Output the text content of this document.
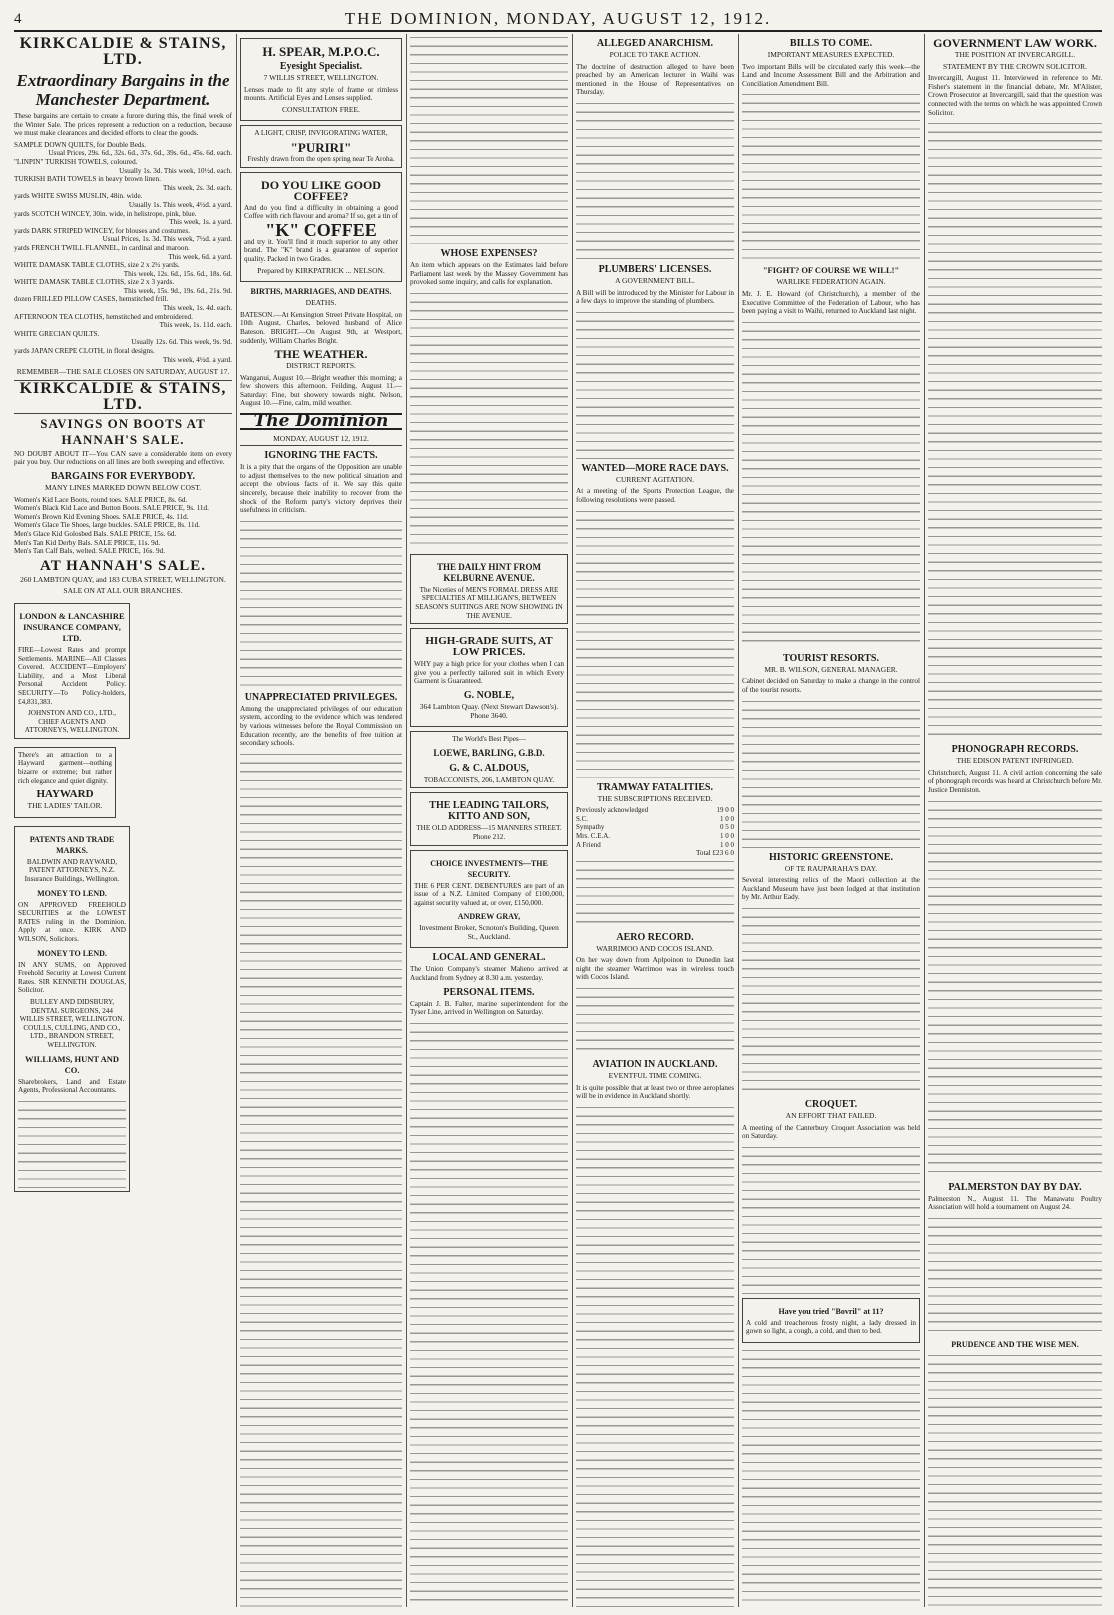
4	THE DOMINION, MONDAY, AUGUST 12, 1912.
KIRKCALDIE & STAINS, LTD.
Extraordinary Bargains in the Manchester Department.

These bargains are certain to create a furore during this, the final week of the Winter Sale. The prices represent a reduction on a reduction, because we must make clearances and decided efforts to clear the goods.

SAMPLE DOWN QUILTS, for Double Beds.
Usual Prices, 29s. 6d., 32s. 6d., 37s. 6d., 39s. 6d., 45s. 6d. each.
"LINPIN" TURKISH TOWELS, coloured.
Usually 1s. 3d. This week, 10½d. each.
TURKISH BATH TOWELS in heavy brown linen.
This week, 2s. 3d. each.
yards WHITE SWISS MUSLIN, 48in. wide.
Usually 1s. This week, 4½d. a yard.
yards SCOTCH WINCEY, 30in. wide, in helistrope, pink, blue.
This week, 1s. a yard.
yards DARK STRIPED WINCEY, for blouses and costumes.
Usual Prices, 1s. 3d. This week, 7½d. a yard.
yards FRENCH TWILL FLANNEL, in cardinal and maroon.
This week, 6d. a yard.
WHITE DAMASK TABLE CLOTHS, size 2 x 2½ yards.
This week, 12s. 6d., 15s. 6d., 18s. 6d.
WHITE DAMASK TABLE CLOTHS, size 2 x 3 yards.
This week, 15s. 9d., 19s. 6d., 21s. 9d.
dozen FRILLED PILLOW CASES, hemstitched frill.
This week, 1s. 4d. each.
AFTERNOON TEA CLOTHS, hemstitched and embroidered.
This week, 1s. 11d. each.
WHITE GRECIAN QUILTS.
Usually 12s. 6d. This week, 9s. 9d.
yards JAPAN CREPE CLOTH, in floral designs.
This week, 4½d. a yard.
REMEMBER—THE SALE CLOSES ON SATURDAY, AUGUST 17.
KIRKCALDIE & STAINS, LTD.
SAVINGS ON BOOTS AT HANNAH'S SALE.

NO DOUBT ABOUT IT—You CAN save a considerable item on every pair you buy. Our reductions on all lines are both sweeping and effective.

BARGAINS FOR EVERYBODY.
MANY LINES MARKED DOWN BELOW COST.
Women's Kid Lace Boots, round toes. SALE PRICE, 8s. 6d.
Women's Black Kid Lace and Button Boots. SALE PRICE, 9s. 11d.
Women's Brown Kid Evening Shoes. SALE PRICE, 4s. 11d.
Women's Glace Tie Shoes, large buckles. SALE PRICE, 8s. 11d.
Men's Glace Kid Golosbed Bals. SALE PRICE, 15s. 6d.
Men's Tan Kid Derby Bals. SALE PRICE, 11s. 9d.
Men's Tan Calf Bals, welted. SALE PRICE, 16s. 9d.
AT HANNAH'S SALE.
260 LAMBTON QUAY, and 183 CUBA STREET, WELLINGTON.
SALE ON AT ALL OUR BRANCHES.
LONDON & LANCASHIRE INSURANCE COMPANY, LTD.

FIRE—Lowest Rates and prompt Settlements. MARINE—All Classes Covered. ACCIDENT—Employers' Liability, and a Most Liberal Personal Accident Policy. SECURITY—To Policy-holders, £4,831,383.

JOHNSTON AND CO., LTD., CHIEF AGENTS AND ATTORNEYS, WELLINGTON.

There's an attraction to a Hayward garment—nothing bizarre or extreme; but rather rich elegance and quiet dignity.

HAYWARD
THE LADIES' TAILOR.
PATENTS AND TRADE MARKS.
BALDWIN AND RAYWARD, PATENT ATTORNEYS, N.Z. Insurance Buildings, Wellington.
MONEY TO LEND.

ON APPROVED FREEHOLD SECURITIES at the LOWEST RATES ruling in the Dominion. Apply at once. KIRK AND WILSON, Solicitors.

MONEY TO LEND.

IN ANY SUMS, on Approved Freehold Security at Lowest Current Rates. SIR KENNETH DOUGLAS, Solicitor.

BULLEY AND DIDSBURY, DENTAL SURGEONS, 244 WILLIS STREET, WELLINGTON.
COULLS, CULLING, AND CO., LTD., BRANDON STREET, WELLINGTON.
WILLIAMS, HUNT AND CO.

Sharebrokers, Land and Estate Agents, Professional Accountants.

H. SPEAR, M.P.O.C.
Eyesight Specialist.
7 WILLIS STREET, WELLINGTON.

Lenses made to fit any style of frame or rimless mounts. Artificial Eyes and Lenses supplied.

CONSULTATION FREE.
A LIGHT, CRISP, INVIGORATING WATER,
"PURIRI"
Freshly drawn from the open spring near Te Aroha.
DO YOU LIKE GOOD COFFEE?

And do you find a difficulty in obtaining a good Coffee with rich flavour and aroma? If so, get a tin of

"K" COFFEE

and try it. You'll find it much superior to any other brand. The "K" brand is a guarantee of superior quality. Packed in two Grades.

Prepared by KIRKPATRICK ... NELSON.
BIRTHS, MARRIAGES, AND DEATHS.
DEATHS.

BATESON.—At Kensington Street Private Hospital, on 10th August, Charles, beloved husband of Alice Bateson. BRIGHT.—On August 9th, at Westport, suddenly, William Charles Bright.

THE WEATHER.
DISTRICT REPORTS.

Wanganui, August 10.—Bright weather this morning; a few showers this afternoon. Feilding, August 11.—Saturday: Fine, but showery towards night. Nelson, August 10.—Fine, calm, mild weather.

The Dominion
MONDAY, AUGUST 12, 1912.
IGNORING THE FACTS.

It is a pity that the organs of the Opposition are unable to adjust themselves to the new political situation and accept the obvious facts of it. We say this quite sincerely, because their inability to recover from the shock of the Reform party's victory deprives their usefulness in criticism.

UNAPPRECIATED PRIVILEGES.

Among the unappreciated privileges of our education system, according to the evidence which was tendered by various witnesses before the Royal Commission on Education recently, are the benefits of free tuition at secondary schools.

WHOSE EXPENSES?

An item which appears on the Estimates laid before Parliament last week by the Massey Government has provoked some inquiry, and calls for explanation.

THE DAILY HINT FROM KELBURNE AVENUE.
The Niceties of MEN'S FORMAL DRESS ARE SPECIALTIES AT MILLIGAN'S, BETWEEN SEASON'S SUITINGS ARE NOW SHOWING IN THE AVENUE.
HIGH-GRADE SUITS, AT LOW PRICES.

WHY pay a high price for your clothes when I can give you a perfectly tailored suit in which Every Garment is Guaranteed.

G. NOBLE,
364 Lambton Quay. (Next Stewart Dawson's). Phone 3640.
The World's Best Pipes—
LOEWE, BARLING, G.B.D.
G. & C. ALDOUS,
TOBACCONISTS, 206, LAMBTON QUAY.
THE LEADING TAILORS, KITTO AND SON,
THE OLD ADDRESS—15 MANNERS STREET.
Phone 212.
CHOICE INVESTMENTS—THE SECURITY.

THE 6 PER CENT. DEBENTURES are part of an issue of a N.Z. Limited Company of £100,000, against security valued at, or over, £150,000.

ANDREW GRAY,
Investment Broker, Scnoton's Building, Queen St., Auckland.
LOCAL AND GENERAL.

The Union Company's steamer Maheno arrived at Auckland from Sydney at 8.30 a.m. yesterday.

PERSONAL ITEMS.

Captain J. B. Falter, marine superintendent for the Tyser Line, arrived in Wellington on Saturday.

ALLEGED ANARCHISM.
POLICE TO TAKE ACTION.

The doctrine of destruction alleged to have been preached by an American lecturer in Waihi was mentioned in the House of Representatives on Thursday.

PLUMBERS' LICENSES.
A GOVERNMENT BILL.

A Bill will be introduced by the Minister for Labour in a few days to improve the standing of plumbers.

WANTED—MORE RACE DAYS.
CURRENT AGITATION.

At a meeting of the Sports Protection League, the following resolutions were passed.

TRAMWAY FATALITIES.
THE SUBSCRIPTIONS RECEIVED.
Previously acknowledged	19 0 0
S.C.	1 0 0
Sympathy	0 5 0
Mrs. C.E.A.	1 0 0
A Friend	1 0 0
Total £23 6 0
AERO RECORD.
WARRIMOO AND COCOS ISLAND.

On her way down from Aplpoinon to Dunedin last night the steamer Warrimoo was in wireless touch with Cocos Island.

AVIATION IN AUCKLAND.
EVENTFUL TIME COMING.

It is quite possible that at least two or three aeroplanes will be in evidence in Auckland shortly.

BILLS TO COME.
IMPORTANT MEASURES EXPECTED.

Two important Bills will be circulated early this week—the Land and Income Assessment Bill and the Arbitration and Conciliation Amendment Bill.

"FIGHT? OF COURSE WE WILL!"
WARLIKE FEDERATION AGAIN.

Mr. J. E. Howard (of Christchurch), a member of the Executive Committee of the Federation of Labour, who has been paying a visit to Waihi, returned to Auckland last night.

TOURIST RESORTS.
MR. B. WILSON, GENERAL MANAGER.

Cabinet decided on Saturday to make a change in the control of the tourist resorts.

HISTORIC GREENSTONE.
OF TE RAUPARAHA'S DAY.

Several interesting relics of the Maori collection at the Auckland Museum have just been lodged at that institution by Mr. Arthur Eady.

CROQUET.
AN EFFORT THAT FAILED.

A meeting of the Canterbury Croquet Association was held on Saturday.

Have you tried "Bovril" at 11?

A cold and treacherous frosty night, a lady dressed in gown so light, a cough, a cold, and then to bed.

GOVERNMENT LAW WORK.
THE POSITION AT INVERCARGILL.
STATEMENT BY THE CROWN SOLICITOR.

Invercargill, August 11. Interviewed in reference to Mr. Fisher's statement in the financial debate, Mr. M'Alister, Crown Prosecutor at Invercargill, said that the question was connected with the terms on which he was appointed Crown Solicitor.

PHONOGRAPH RECORDS.
THE EDISON PATENT INFRINGED.

Christchurch, August 11. A civil action concerning the sale of phonograph records was heard at Christchurch before Mr. Justice Denniston.

PALMERSTON DAY BY DAY.

Palmerston N., August 11. The Manawatu Poultry Association will hold a tournament on August 24.

PRUDENCE AND THE WISE MEN.
